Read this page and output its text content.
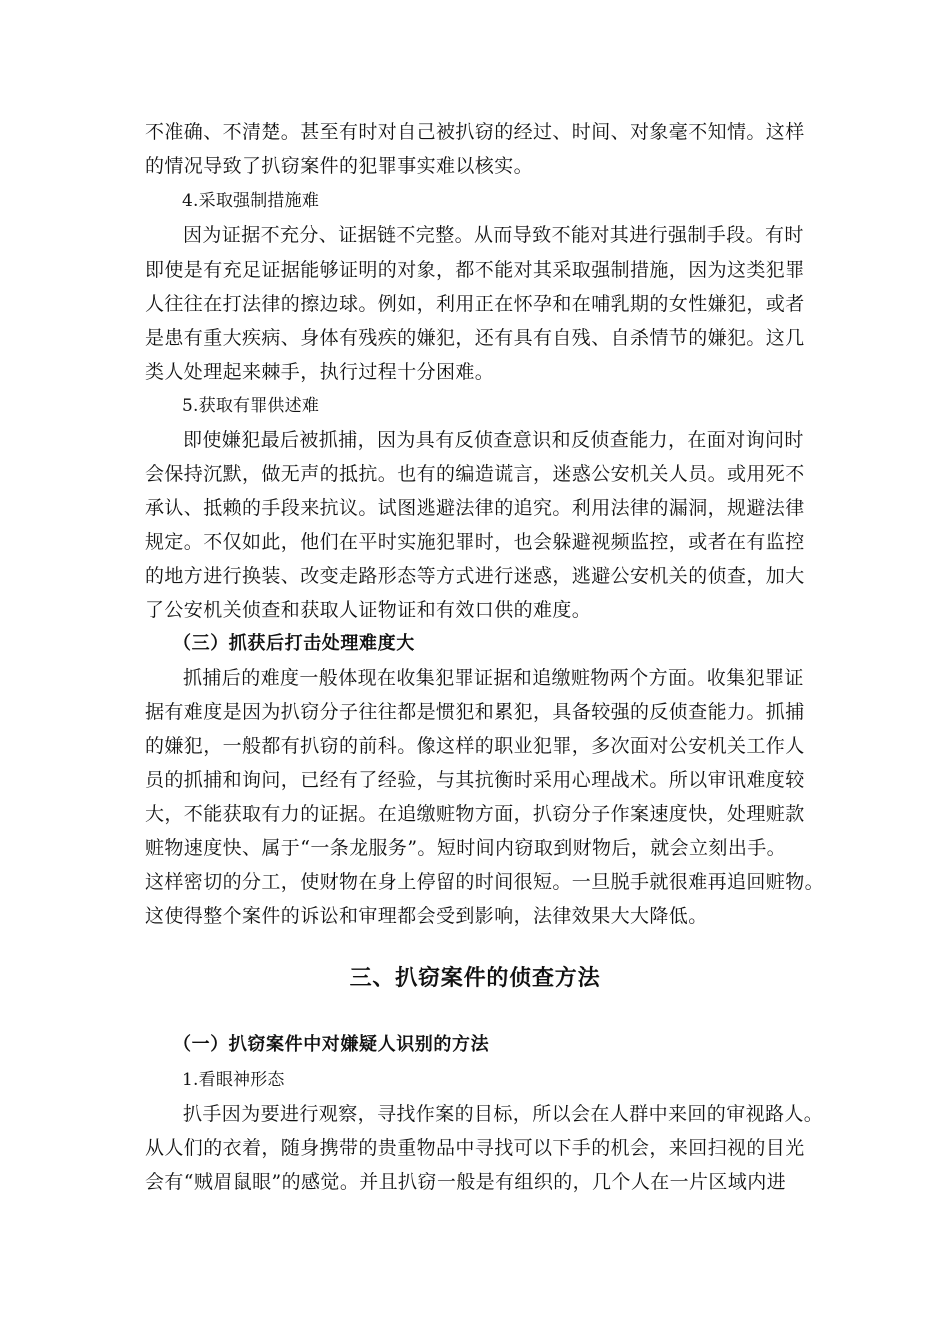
不准确、不清楚。甚至有时对自己被扒窃的经过、时间、对象毫不知情。这样
的情况导致了扒窃案件的犯罪事实难以核实。
4.采取强制措施难
因为证据不充分、证据链不完整。从而导致不能对其进行强制手段。有时
即使是有充足证据能够证明的对象，都不能对其采取强制措施，因为这类犯罪
人往往在打法律的擦边球。例如，利用正在怀孕和在哺乳期的女性嫌犯，或者
是患有重大疾病、身体有残疾的嫌犯，还有具有自残、自杀情节的嫌犯。这几
类人处理起来棘手，执行过程十分困难。
5.获取有罪供述难
即使嫌犯最后被抓捕，因为具有反侦查意识和反侦查能力，在面对询问时
会保持沉默，做无声的抵抗。也有的编造谎言，迷惑公安机关人员。或用死不
承认、抵赖的手段来抗议。试图逃避法律的追究。利用法律的漏洞，规避法律
规定。不仅如此，他们在平时实施犯罪时，也会躲避视频监控，或者在有监控
的地方进行换装、改变走路形态等方式进行迷惑，逃避公安机关的侦查，加大
了公安机关侦查和获取人证物证和有效口供的难度。
（三）抓获后打击处理难度大
抓捕后的难度一般体现在收集犯罪证据和追缴赃物两个方面。收集犯罪证
据有难度是因为扒窃分子往往都是惯犯和累犯，具备较强的反侦查能力。抓捕
的嫌犯，一般都有扒窃的前科。像这样的职业犯罪，多次面对公安机关工作人
员的抓捕和询问，已经有了经验，与其抗衡时采用心理战术。所以审讯难度较
大，不能获取有力的证据。在追缴赃物方面，扒窃分子作案速度快，处理赃款
赃物速度快、属于“一条龙服务”。短时间内窃取到财物后，就会立刻出手。
这样密切的分工，使财物在身上停留的时间很短。一旦脱手就很难再追回赃物。
这使得整个案件的诉讼和审理都会受到影响，法律效果大大降低。
三、扒窃案件的侦查方法
（一）扒窃案件中对嫌疑人识别的方法
1.看眼神形态
扒手因为要进行观察，寻找作案的目标，所以会在人群中来回的审视路人。
从人们的衣着，随身携带的贵重物品中寻找可以下手的机会，来回扫视的目光
会有“贼眉鼠眼”的感觉。并且扒窃一般是有组织的，几个人在一片区域内进
